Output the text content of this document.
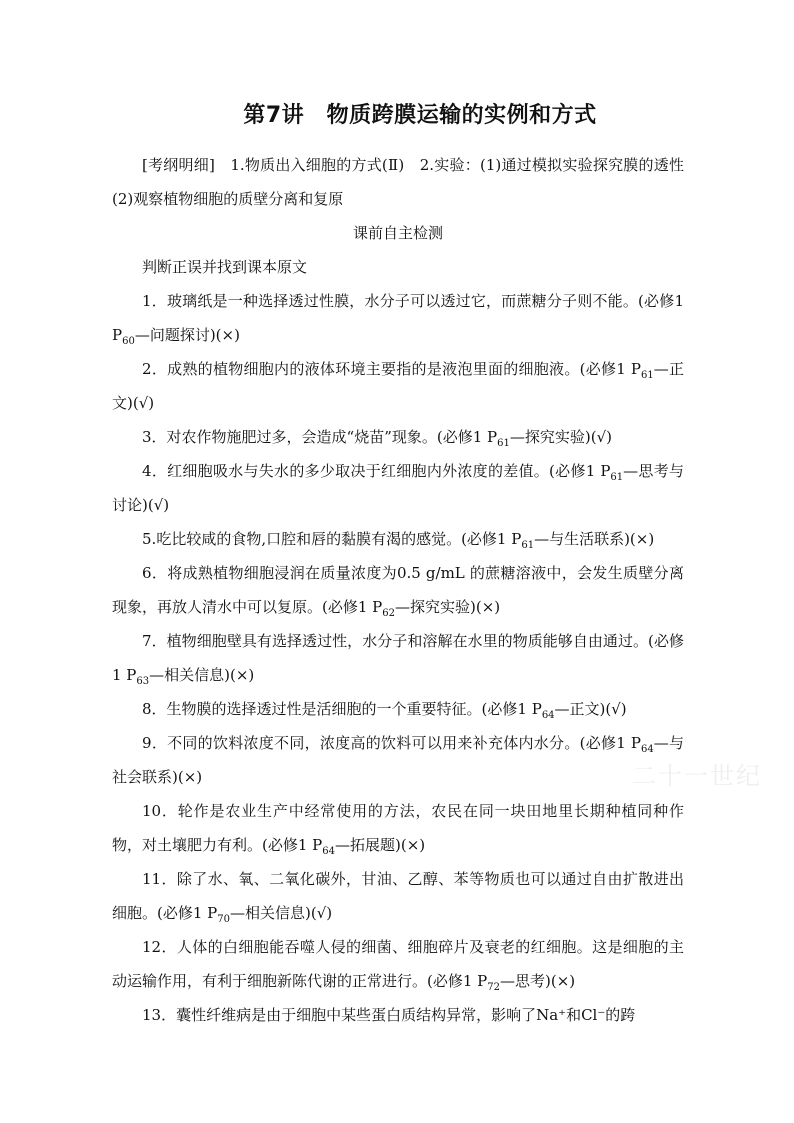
第7讲　物质跨膜运输的实例和方式

[考纲明细]　1.物质出入细胞的方式(Ⅱ)　2.实验：(1)通过模拟实验探究膜的透性　(2)观察植物细胞的质壁分离和复原

课前自主检测

判断正误并找到课本原文

1．玻璃纸是一种选择透过性膜，水分子可以透过它，而蔗糖分子则不能。(必修1 $P_{60}—$问题探讨)(×)

2．成熟的植物细胞内的液体环境主要指的是液泡里面的细胞液。(必修1 $P_{61}—$正文)(√)

3．对农作物施肥过多，会造成“烧苗”现象。(必修1 $P_{61}—$探究实验)(√)

4．红细胞吸水与失水的多少取决于红细胞内外浓度的差值。(必修1 $P_{61}—$思考与讨论)(√)

5.吃比较咸的食物,口腔和唇的黏膜有渴的感觉。(必修1 $P_{61}—$与生活联系)(×)

6．将成熟植物细胞浸润在质量浓度为0.5 g/mL 的蔗糖溶液中，会发生质壁分离现象，再放人清水中可以复原。(必修1 $P_{62}—$探究实验)(×)

7．植物细胞壁具有选择透过性，水分子和溶解在水里的物质能够自由通过。(必修1 $P_{63}—$相关信息)(×)

8．生物膜的选择透过性是活细胞的一个重要特征。(必修1 $P_{64}—$正文)(√)

9．不同的饮料浓度不同，浓度高的饮料可以用来补充体内水分。(必修1 $P_{64}—$与社会联系)(×)

10．轮作是农业生产中经常使用的方法，农民在同一块田地里长期种植同种作物，对土壤肥力有利。(必修1 $P_{64}—$拓展题)(×)

11．除了水、氧、二氧化碳外，甘油、乙醇、苯等物质也可以通过自由扩散进出细胞。(必修1 $P_{70}—$相关信息)(√)

12．人体的白细胞能吞噬人侵的细菌、细胞碎片及衰老的红细胞。这是细胞的主动运输作用，有利于细胞新陈代谢的正常进行。(必修1 $P_{72}—$思考)(×)

13．囊性纤维病是由于细胞中某些蛋白质结构异常，影响了Na⁺和Cl⁻的跨

二十一世纪
